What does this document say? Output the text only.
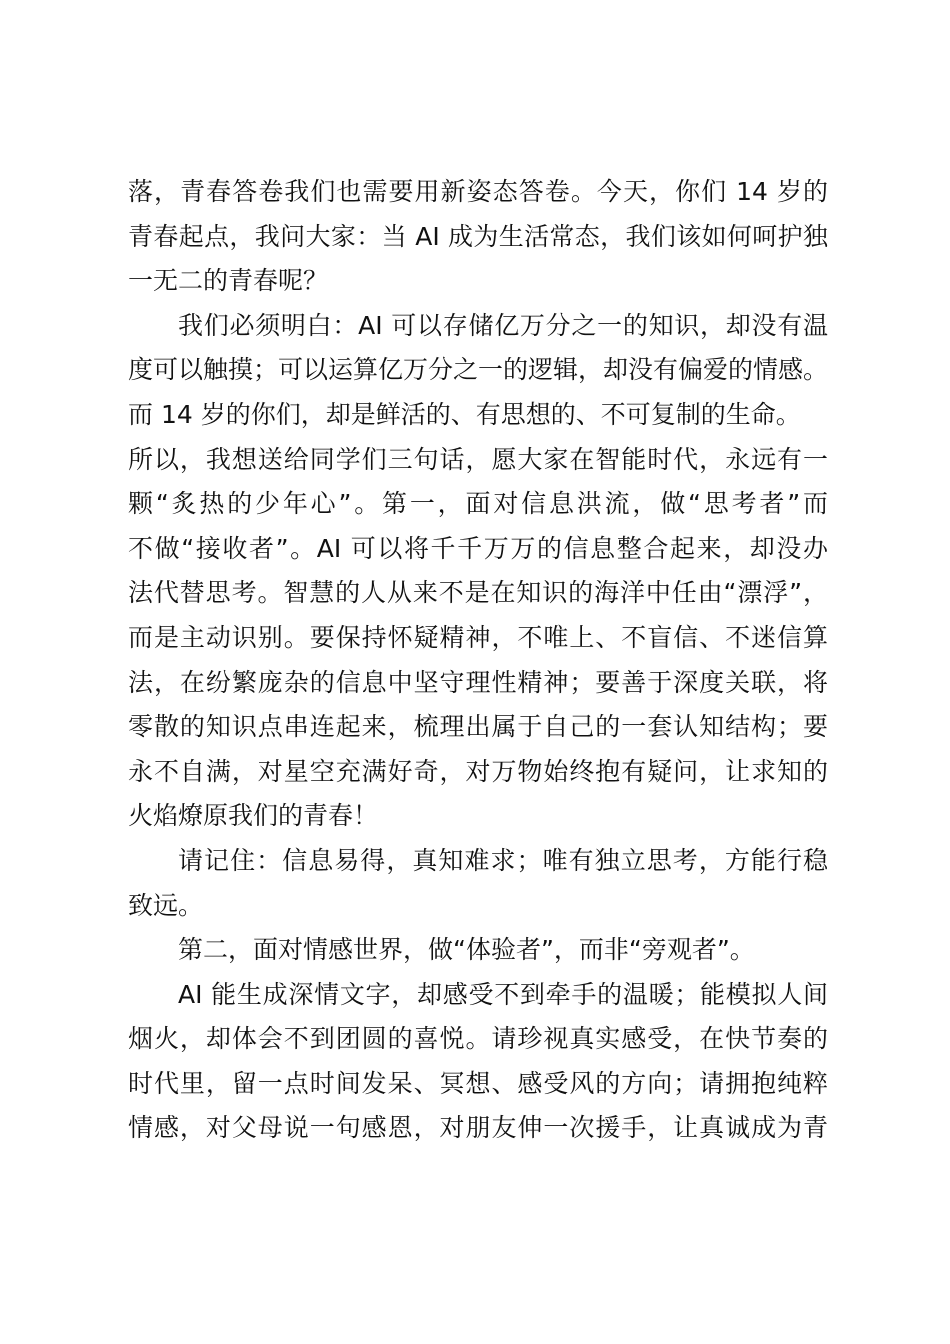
落，青春答卷我们也需要用新姿态答卷。今天，你们 14 岁的
青春起点，我问大家：当 AI 成为生活常态，我们该如何呵护独
一无二的青春呢？
我们必须明白：AI 可以存储亿万分之一的知识，却没有温
度可以触摸；可以运算亿万分之一的逻辑，却没有偏爱的情感。
而 14 岁的你们，却是鲜活的、有思想的、不可复制的生命。
所以，我想送给同学们三句话，愿大家在智能时代，永远有一
颗“炙热的少年心”。第一，面对信息洪流，做“思考者”而
不做“接收者”。AI 可以将千千万万的信息整合起来，却没办
法代替思考。智慧的人从来不是在知识的海洋中任由“漂浮”，
而是主动识别。要保持怀疑精神，不唯上、不盲信、不迷信算
法，在纷繁庞杂的信息中坚守理性精神；要善于深度关联，将
零散的知识点串连起来，梳理出属于自己的一套认知结构；要
永不自满，对星空充满好奇，对万物始终抱有疑问，让求知的
火焰燎原我们的青春！
请记住：信息易得，真知难求；唯有独立思考，方能行稳
致远。
第二，面对情感世界，做“体验者”，而非“旁观者”。
AI 能生成深情文字，却感受不到牵手的温暖；能模拟人间
烟火，却体会不到团圆的喜悦。请珍视真实感受，在快节奏的
时代里，留一点时间发呆、冥想、感受风的方向；请拥抱纯粹
情感，对父母说一句感恩，对朋友伸一次援手，让真诚成为青
